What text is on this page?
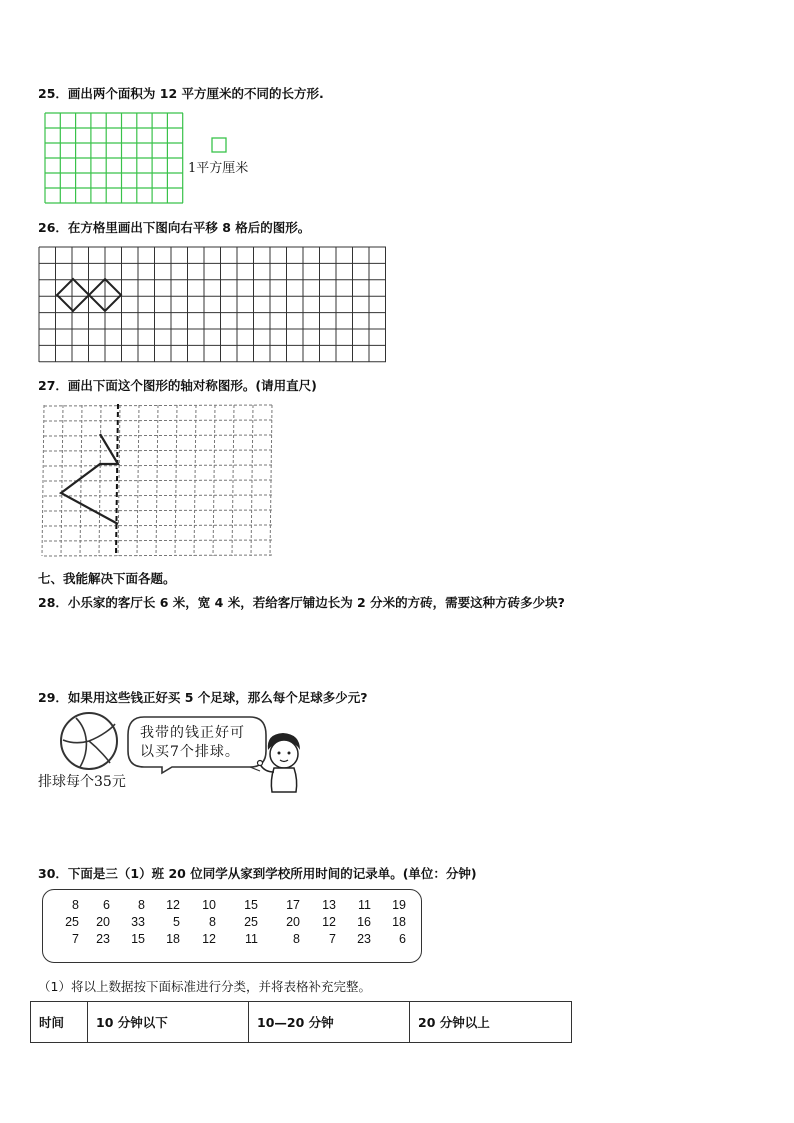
25．画出两个面积为 12 平方厘米的不同的长方形.
1平方厘米
26．在方格里画出下图向右平移 8 格后的图形。
27．画出下面这个图形的轴对称图形。(请用直尺)
七、我能解决下面各题。
28．小乐家的客厅长 6 米，宽 4 米，若给客厅铺边长为 2 分米的方砖，需要这种方砖多少块?
29．如果用这些钱正好买 5 个足球，那么每个足球多少元?
我带的钱正好可
以买7个排球。
排球每个35元
30．下面是三（1）班 20 位同学从家到学校所用时间的记录单。(单位：分钟)
8	6	8	12	10	15	17	13	11	19
25	20	33	5	8	25	20	12	16	18
7	23	15	18	12	11	8	7	23	6
（1）将以上数据按下面标准进行分类，并将表格补充完整。
时间	10 分钟以下	10—20 分钟	20 分钟以上
